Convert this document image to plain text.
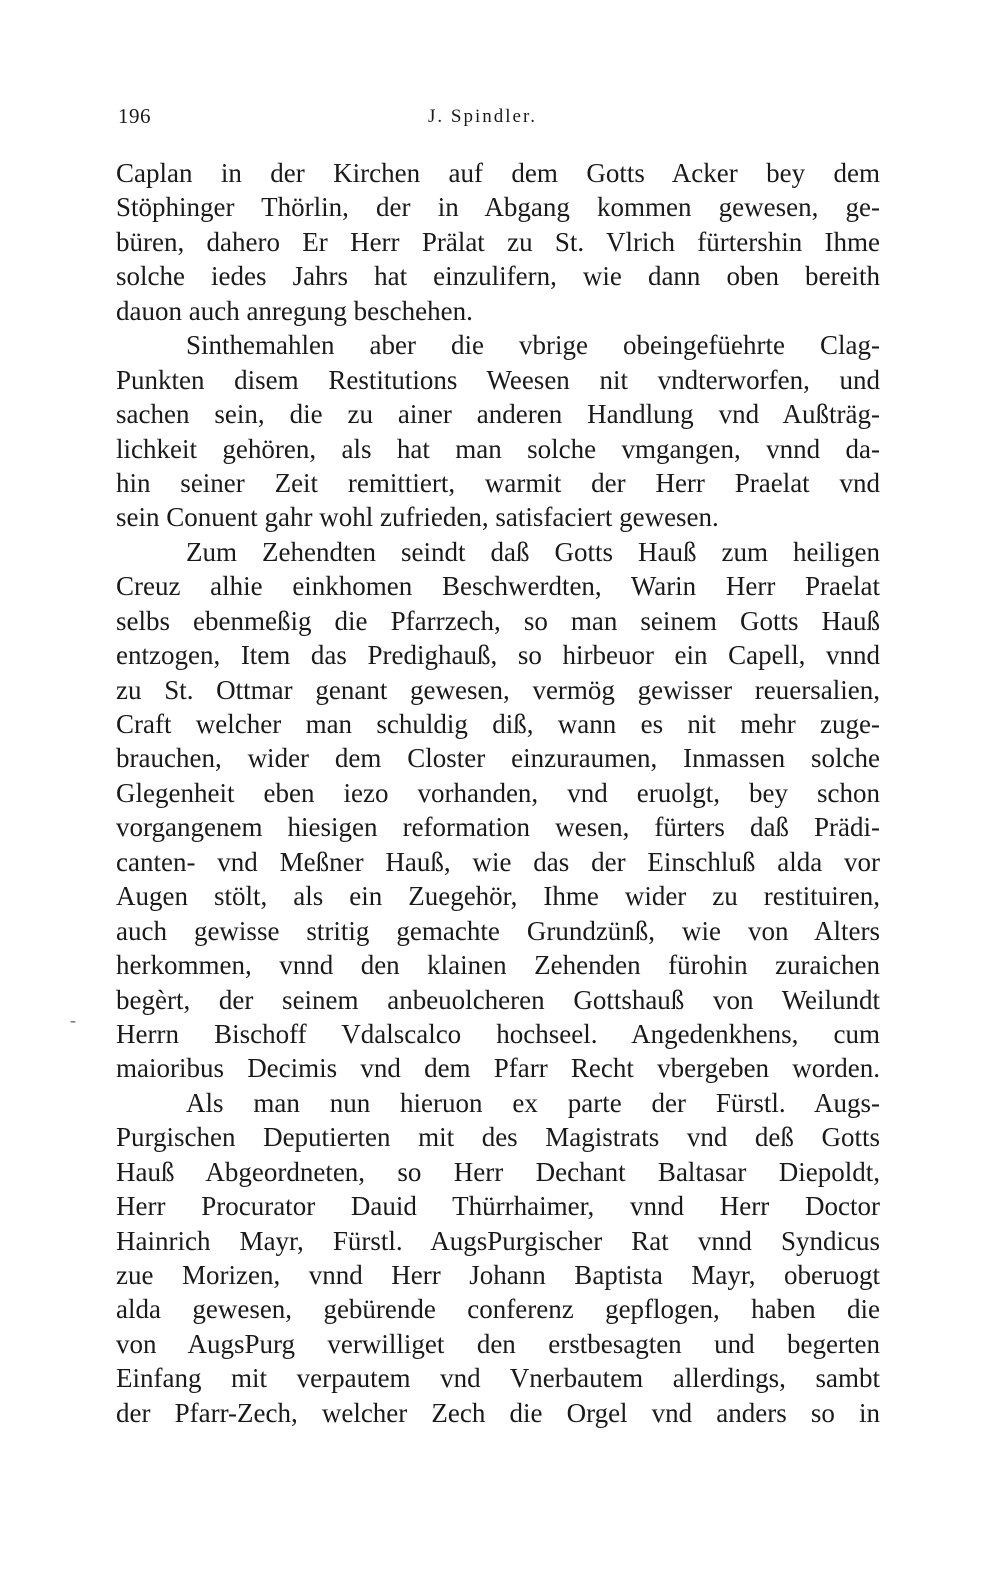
196	J. Spindler.
-
Caplan in der Kirchen auf dem Gotts Acker bey dem
Stöphinger Thörlin, der in Abgang kommen gewesen, ge-
büren, dahero Er Herr Prälat zu St. Vlrich fürtershin Ihme
solche iedes Jahrs hat einzulifern, wie dann oben bereith
dauon auch anregung beschehen.
Sinthemahlen aber die vbrige obeingefüehrte Clag-
Punkten disem Restitutions Weesen nit vndterworfen, und
sachen sein, die zu ainer anderen Handlung vnd Außträg-
lichkeit gehören, als hat man solche vmgangen, vnnd da-
hin seiner Zeit remittiert, warmit der Herr Praelat vnd
sein Conuent gahr wohl zufrieden, satisfaciert gewesen.
Zum Zehendten seindt daß Gotts Hauß zum heiligen
Creuz alhie einkhomen Beschwerdten, Warin Herr Praelat
selbs ebenmeßig die Pfarrzech, so man seinem Gotts Hauß
entzogen, Item das Predighauß, so hirbeuor ein Capell, vnnd
zu St. Ottmar genant gewesen, vermög gewisser reuersalien,
Craft welcher man schuldig diß, wann es nit mehr zuge-
brauchen, wider dem Closter einzuraumen, Inmassen solche
Glegenheit eben iezo vorhanden, vnd eruolgt, bey schon
vorgangenem hiesigen reformation wesen, fürters daß Prädi-
canten- vnd Meßner Hauß, wie das der Einschluß alda vor
Augen stölt, als ein Zuegehör, Ihme wider zu restituiren,
auch gewisse stritig gemachte Grundzünß, wie von Alters
herkommen, vnnd den klainen Zehenden fürohin zuraichen
begèrt, der seinem anbeuolcheren Gottshauß von Weilundt
Herrn Bischoff Vdalscalco hochseel. Angedenkhens, cum
maioribus Decimis vnd dem Pfarr Recht vbergeben worden.
Als man nun hieruon ex parte der Fürstl. Augs-
Purgischen Deputierten mit des Magistrats vnd deß Gotts
Hauß Abgeordneten, so Herr Dechant Baltasar Diepoldt,
Herr Procurator Dauid Thürrhaimer, vnnd Herr Doctor
Hainrich Mayr, Fürstl. AugsPurgischer Rat vnnd Syndicus
zue Morizen, vnnd Herr Johann Baptista Mayr, oberuogt
alda gewesen, gebürende conferenz gepflogen, haben die
von AugsPurg verwilliget den erstbesagten und begerten
Einfang mit verpautem vnd Vnerbautem allerdings, sambt
der Pfarr-Zech, welcher Zech die Orgel vnd anders so in
